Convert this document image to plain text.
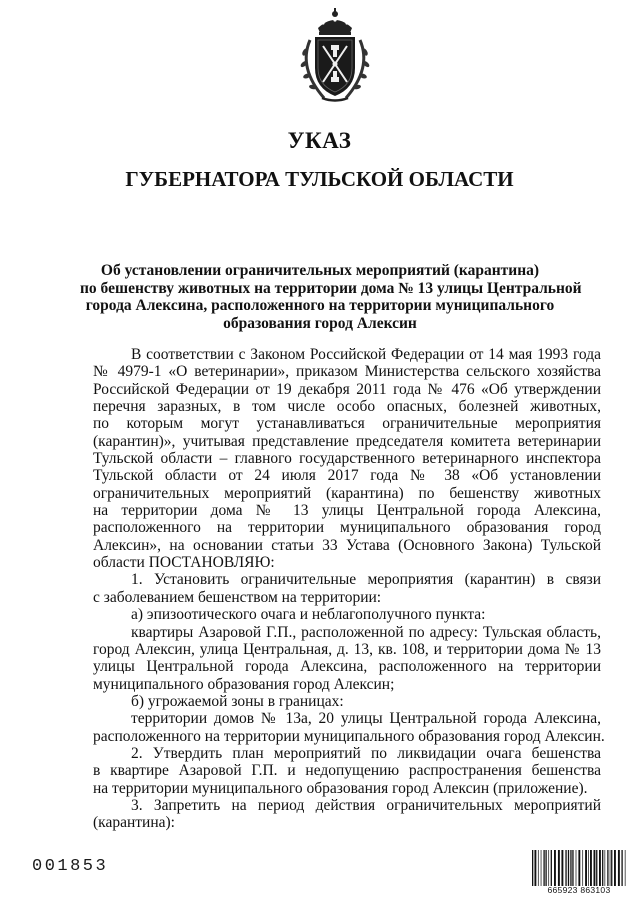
УКАЗ
ГУБЕРНАТОРА ТУЛЬСКОЙ ОБЛАСТИ
Об установлении ограничительных мероприятий (карантина)
по бешенству животных на территории дома № 13 улицы Центральной
города Алексина, расположенного на территории муниципального
образования город Алексин
В соответствии с Законом Российской Федерации от 14 мая 1993 года
№ 4979-1 «О ветеринарии», приказом Министерства сельского хозяйства
Российской Федерации от 19 декабря 2011 года № 476 «Об утверждении
перечня заразных, в том числе особо опасных, болезней животных,
по которым могут устанавливаться ограничительные мероприятия
(карантин)», учитывая представление председателя комитета ветеринарии
Тульской области – главного государственного ветеринарного инспектора
Тульской области от 24 июля 2017 года № 38 «Об установлении
ограничительных мероприятий (карантина) по бешенству животных
на территории дома № 13 улицы Центральной города Алексина,
расположенного на территории муниципального образования город
Алексин», на основании статьи 33 Устава (Основного Закона) Тульской
области ПОСТАНОВЛЯЮ:
1. Установить ограничительные мероприятия (карантин) в связи
с заболеванием бешенством на территории:
а) эпизоотического очага и неблагополучного пункта:
квартиры Азаровой Г.П., расположенной по адресу: Тульская область,
город Алексин, улица Центральная, д. 13, кв. 108, и территории дома № 13
улицы Центральной города Алексина, расположенного на территории
муниципального образования город Алексин;
б) угрожаемой зоны в границах:
территории домов № 13а, 20 улицы Центральной города Алексина,
расположенного на территории муниципального образования город Алексин.
2. Утвердить план мероприятий по ликвидации очага бешенства
в квартире Азаровой Г.П. и недопущению распространения бешенства
на территории муниципального образования город Алексин (приложение).
3. Запретить на период действия ограничительных мероприятий
(карантина):
001853
665923 863103
